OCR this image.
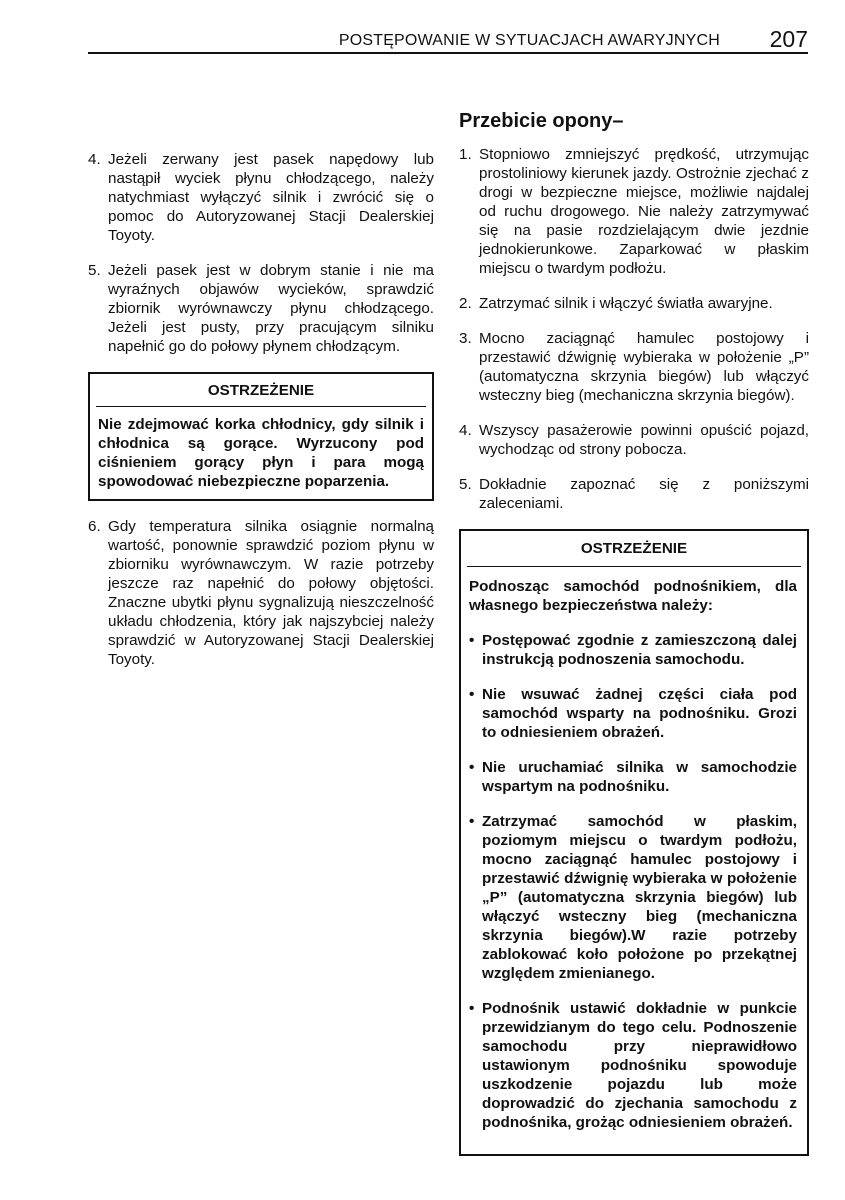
POSTĘPOWANIE W SYTUACJACH AWARYJNYCH 207
4. Jeżeli zerwany jest pasek napędowy lub nastąpił wyciek płynu chłodzącego, należy natychmiast wyłączyć silnik i zwrócić się o pomoc do Autoryzowanej Stacji Dealerskiej Toyoty.
5. Jeżeli pasek jest w dobrym stanie i nie ma wyraźnych objawów wycieków, sprawdzić zbiornik wyrównawczy płynu chłodzącego. Jeżeli jest pusty, przy pracującym silniku napełnić go do połowy płynem chłodzącym.
OSTRZEŻENIE
Nie zdejmować korka chłodnicy, gdy silnik i chłodnica są gorące. Wyrzucony pod ciśnieniem gorący płyn i para mogą spowodować niebezpieczne poparzenia.
6. Gdy temperatura silnika osiągnie normalną wartość, ponownie sprawdzić poziom płynu w zbiorniku wyrównawczym. W razie potrzeby jeszcze raz napełnić do połowy objętości. Znaczne ubytki płynu sygnalizują nieszczelność układu chłodzenia, który jak najszybciej należy sprawdzić w Autoryzowanej Stacji Dealerskiej Toyoty.
Przebicie opony–
1. Stopniowo zmniejszyć prędkość, utrzymując prostoliniowy kierunek jazdy. Ostrożnie zjechać z drogi w bezpieczne miejsce, możliwie najdalej od ruchu drogowego. Nie należy zatrzymywać się na pasie rozdzielającym dwie jezdnie jednokierunkowe. Zaparkować w płaskim miejscu o twardym podłożu.
2. Zatrzymać silnik i włączyć światła awaryjne.
3. Mocno zaciągnąć hamulec postojowy i przestawić dźwignię wybieraka w położenie „P” (automatyczna skrzynia biegów) lub włączyć wsteczny bieg (mechaniczna skrzynia biegów).
4. Wszyscy pasażerowie powinni opuścić pojazd, wychodząc od strony pobocza.
5. Dokładnie zapoznać się z poniższymi zaleceniami.
OSTRZEŻENIE
Podnosząc samochód podnośnikiem, dla własnego bezpieczeństwa należy:
• Postępować zgodnie z zamieszczoną dalej instrukcją podnoszenia samochodu.
• Nie wsuwać żadnej części ciała pod samochód wsparty na podnośniku. Grozi to odniesieniem obrażeń.
• Nie uruchamiać silnika w samochodzie wspartym na podnośniku.
• Zatrzymać samochód w płaskim, poziomym miejscu o twardym podłożu, mocno zaciągnąć hamulec postojowy i przestawić dźwignię wybieraka w położenie „P” (automatyczna skrzynia biegów) lub włączyć wsteczny bieg (mechaniczna skrzynia biegów).W razie potrzeby zablokować koło położone po przekątnej względem zmienianego.
• Podnośnik ustawić dokładnie w punkcie przewidzianym do tego celu. Podnoszenie samochodu przy nieprawidłowo ustawionym podnośniku spowoduje uszkodzenie pojazdu lub może doprowadzić do zjechania samochodu z podnośnika, grożąc odniesieniem obrażeń.
